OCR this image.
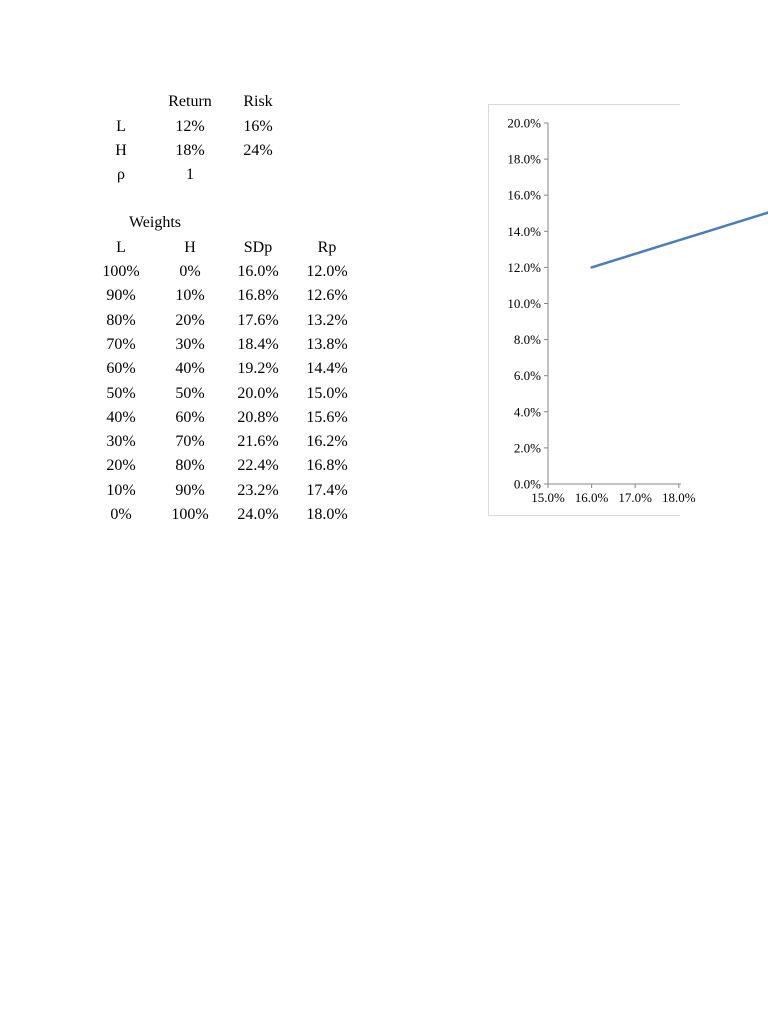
Return Risk
L	12% 16%
H	18% 24%
ρ	1
Weights
L	H	SDp	Rp
100% 0% 16.0% 12.0%
90% 10% 16.8% 12.6%
80% 20% 17.6% 13.2%
70% 30% 18.4% 13.8%
60% 40% 19.2% 14.4%
50% 50% 20.0% 15.0%
40% 60% 20.8% 15.6%
30% 70% 21.6% 16.2%
20% 80% 22.4% 16.8%
10% 90% 23.2% 17.4%
0% 100% 24.0% 18.0%
0.0%
2.0%
4.0%
6.0%
8.0%
10.0%
12.0%
14.0%
16.0%
18.0%
20.0%
15.0% 16.0% 17.0% 18.0%
